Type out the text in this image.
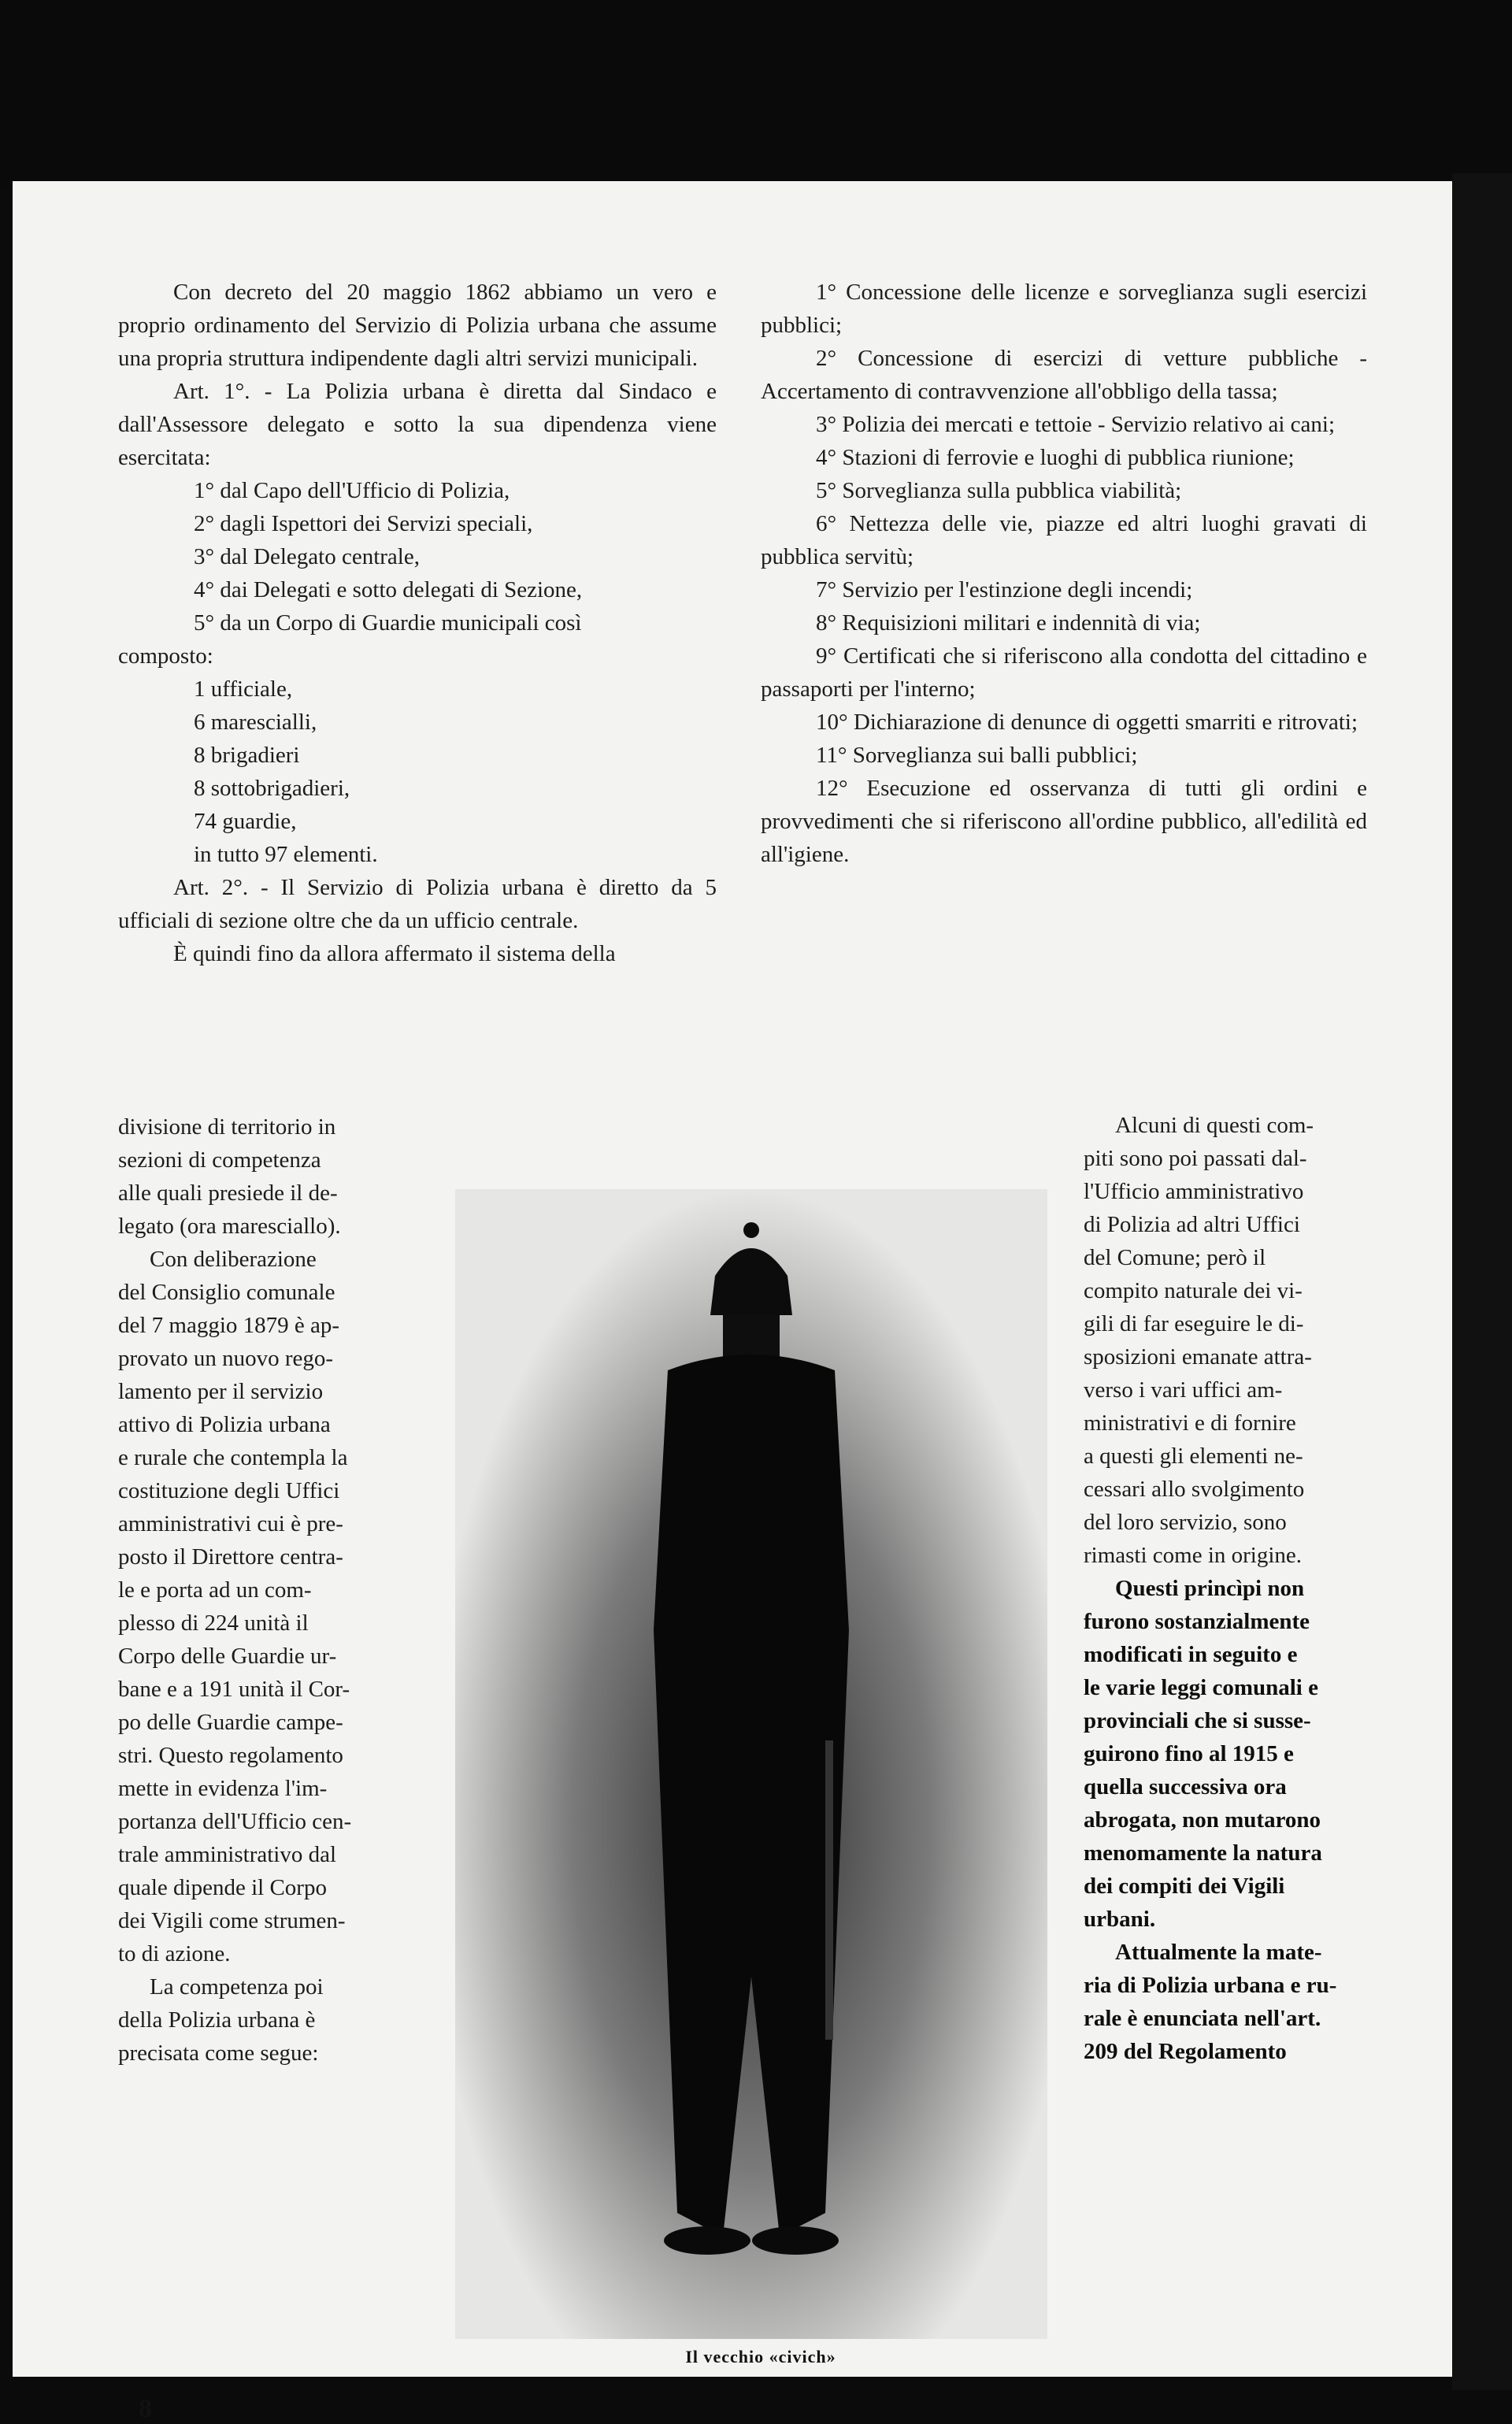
Con decreto del 20 maggio 1862 abbiamo un vero e proprio ordinamento del Servizio di Polizia urbana che assume una propria struttura indipendente dagli altri servizi municipali.

Art. 1°. - La Polizia urbana è diretta dal Sindaco e dall'Assessore delegato e sotto la sua dipendenza viene esercitata:

1° dal Capo dell'Ufficio di Polizia,
2° dagli Ispettori dei Servizi speciali,
3° dal Delegato centrale,
4° dai Delegati e sotto delegati di Sezione,
5° da un Corpo di Guardie municipali così
composto:
1 ufficiale,
6 marescialli,
8 brigadieri
8 sottobrigadieri,
74 guardie,
in tutto 97 elementi.

Art. 2°. - Il Servizio di Polizia urbana è diretto da 5 ufficiali di sezione oltre che da un ufficio centrale.

È quindi fino da allora affermato il sistema della

divisione di territorio in

sezioni di competenza

alle quali presiede il de-

legato (ora maresciallo).

Con deliberazione

del Consiglio comunale

del 7 maggio 1879 è ap-

provato un nuovo rego-

lamento per il servizio

attivo di Polizia urbana

e rurale che contempla la

costituzione degli Uffici

amministrativi cui è pre-

posto il Direttore centra-

le e porta ad un com-

plesso di 224 unità il

Corpo delle Guardie ur-

bane e a 191 unità il Cor-

po delle Guardie campe-

stri. Questo regolamento

mette in evidenza l'im-

portanza dell'Ufficio cen-

trale amministrativo dal

quale dipende il Corpo

dei Vigili come strumen-

to di azione.

La competenza poi

della Polizia urbana è

precisata come segue:

1° Concessione delle licenze e sorveglianza sugli esercizi pubblici;
2° Concessione di esercizi di vetture pubbliche - Accertamento di contravvenzione all'obbligo della tassa;
3° Polizia dei mercati e tettoie - Servizio relativo ai cani;
4° Stazioni di ferrovie e luoghi di pubblica riunione;
5° Sorveglianza sulla pubblica viabilità;
6° Nettezza delle vie, piazze ed altri luoghi gravati di pubblica servitù;
7° Servizio per l'estinzione degli incendi;
8° Requisizioni militari e indennità di via;
9° Certificati che si riferiscono alla condotta del cittadino e passaporti per l'interno;
10° Dichiarazione di denunce di oggetti smarriti e ritrovati;
11° Sorveglianza sui balli pubblici;
12° Esecuzione ed osservanza di tutti gli ordini e provvedimenti che si riferiscono all'ordine pubblico, all'edilità ed all'igiene.

Alcuni di questi com-

piti sono poi passati dal-

l'Ufficio amministrativo

di Polizia ad altri Uffici

del Comune; però il

compito naturale dei vi-

gili di far eseguire le di-

sposizioni emanate attra-

verso i vari uffici am-

ministrativi e di fornire

a questi gli elementi ne-

cessari allo svolgimento

del loro servizio, sono

rimasti come in origine.

Questi princìpi non

furono sostanzialmente

modificati in seguito e

le varie leggi comunali e

provinciali che si susse-

guirono fino al 1915 e

quella successiva ora

abrogata, non mutarono

menomamente la natura

dei compiti dei Vigili

urbani.

Attualmente la mate-

ria di Polizia urbana e ru-

rale è enunciata nell'art.

209 del Regolamento

Il vecchio «civich»
8
